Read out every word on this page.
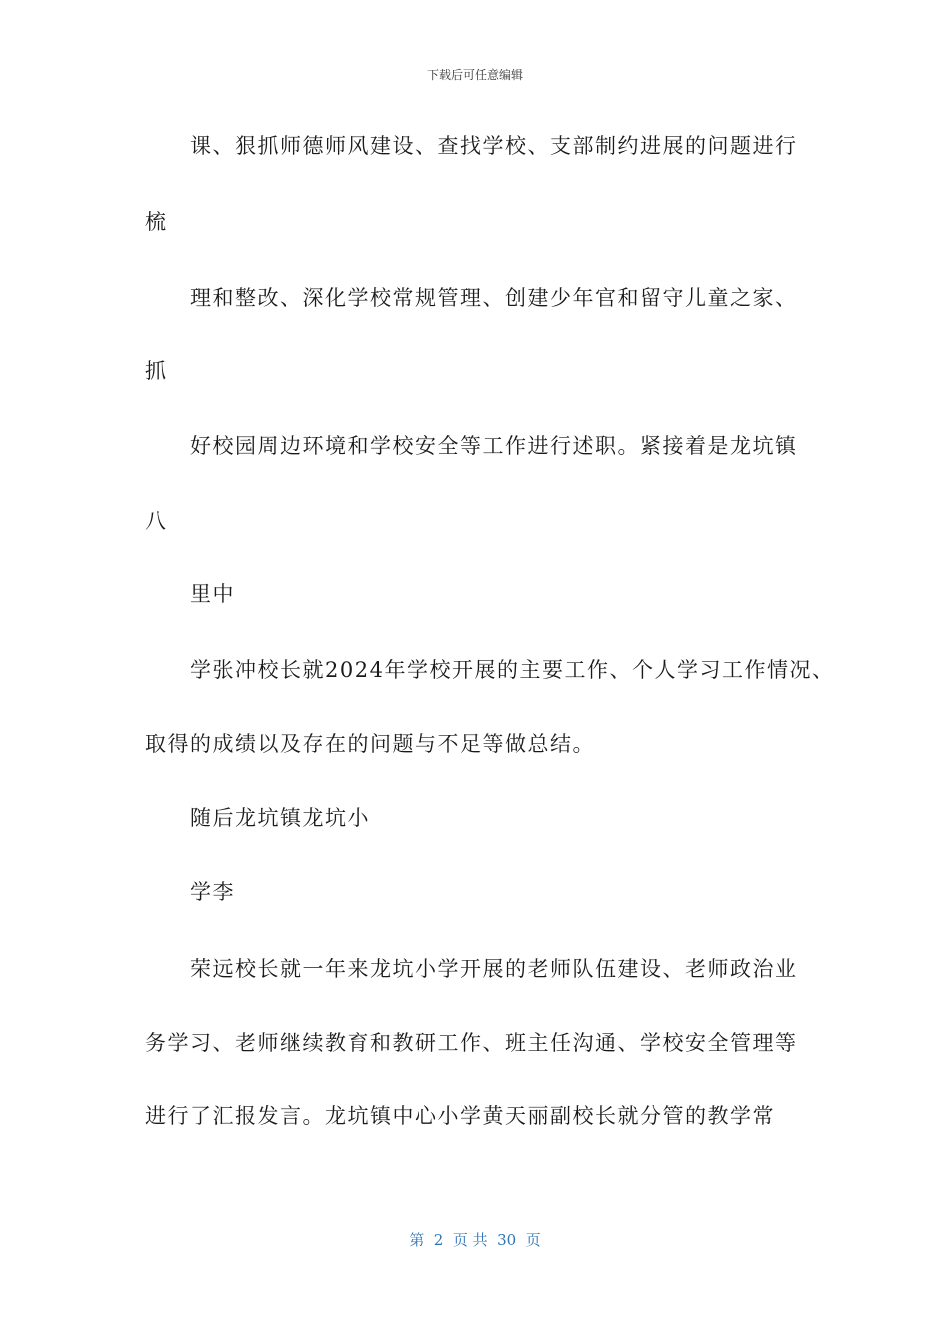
下载后可任意编辑
课、狠抓师德师风建设、查找学校、支部制约进展的问题进行
梳
理和整改、深化学校常规管理、创建少年官和留守儿童之家、
抓
好校园周边环境和学校安全等工作进行述职。紧接着是龙坑镇
八
里中
学张冲校长就2024年学校开展的主要工作、个人学习工作情况、
取得的成绩以及存在的问题与不足等做总结。
随后龙坑镇龙坑小
学李
荣远校长就一年来龙坑小学开展的老师队伍建设、老师政治业
务学习、老师继续教育和教研工作、班主任沟通、学校安全管理等
进行了汇报发言。龙坑镇中心小学黄天丽副校长就分管的教学常
第  2  页 共  30  页
